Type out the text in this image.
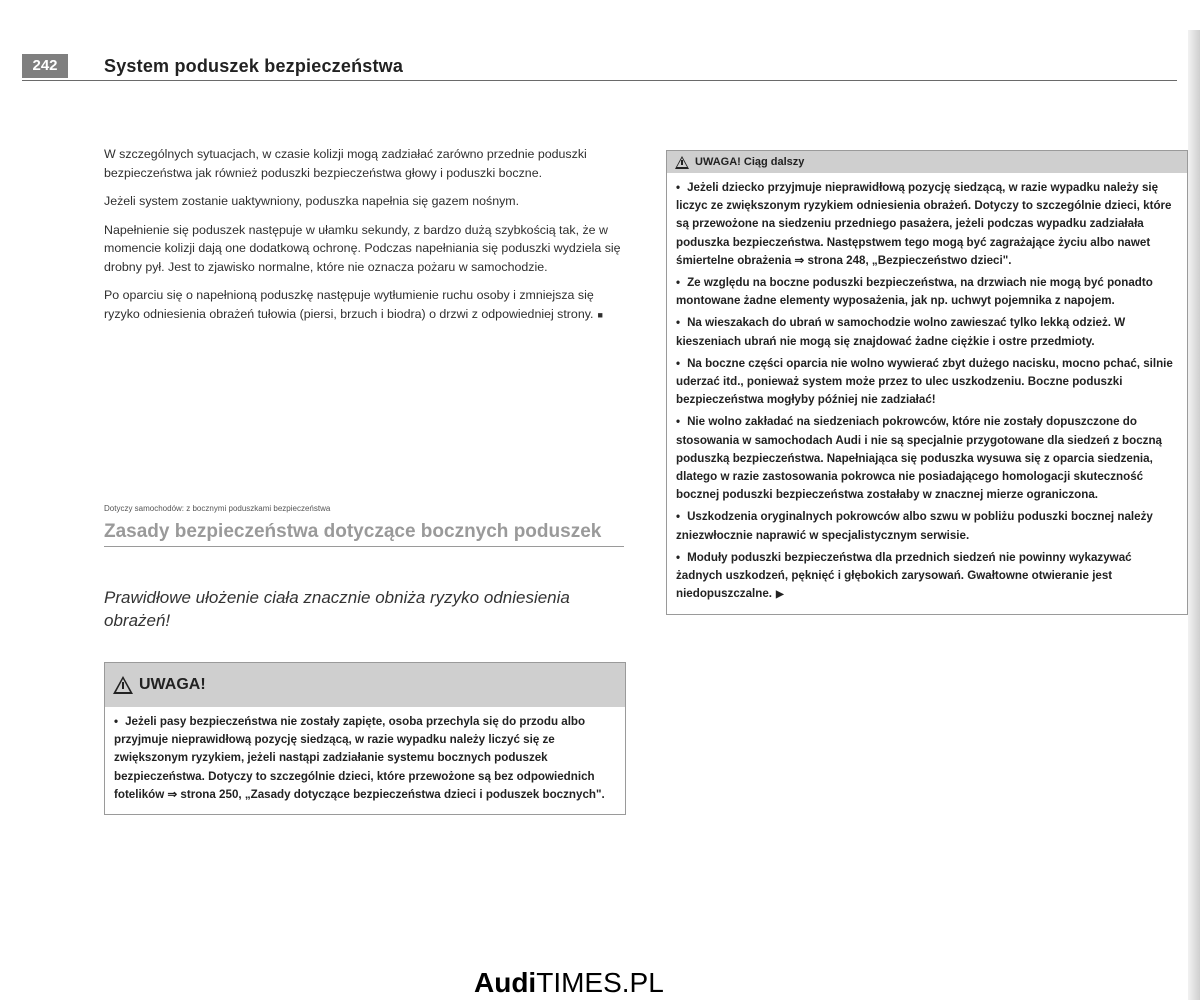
242	System poduszek bezpieczeństwa

W szczególnych sytuacjach, w czasie kolizji mogą zadziałać zarówno przednie poduszki bezpieczeństwa jak również poduszki bezpieczeństwa głowy i poduszki boczne.

Jeżeli system zostanie uaktywniony, poduszka napełnia się gazem nośnym.

Napełnienie się poduszek następuje w ułamku sekundy, z bardzo dużą szybkością tak, że w momencie kolizji dają one dodatkową ochronę. Podczas napełniania się poduszki wydziela się drobny pył. Jest to zjawisko normalne, które nie oznacza pożaru w samochodzie.

Po oparciu się o napełnioną poduszkę następuje wytłumienie ruchu osoby i zmniejsza się ryzyko odniesienia obrażeń tułowia (piersi, brzuch i biodra) o drzwi z odpowiedniej strony. ■

Dotyczy samochodów: z bocznymi poduszkami bezpieczeństwa
Zasady bezpieczeństwa dotyczące bocznych poduszek
Prawidłowe ułożenie ciała znacznie obniża ryzyko odniesienia obrażeń!
UWAGA!
• Jeżeli pasy bezpieczeństwa nie zostały zapięte, osoba przechyla się do przodu albo przyjmuje nieprawidłową pozycję siedzącą, w razie wypadku należy liczyć się ze zwiększonym ryzykiem, jeżeli nastąpi zadziałanie systemu bocznych poduszek bezpieczeństwa. Dotyczy to szczególnie dzieci, które przewożone są bez odpowiednich fotelików ⇒ strona 250, „Zasady dotyczące bezpieczeństwa dzieci i poduszek bocznych".
UWAGA! Ciąg dalszy
• Jeżeli dziecko przyjmuje nieprawidłową pozycję siedzącą, w razie wypadku należy się liczyc ze zwiększonym ryzykiem odniesienia obrażeń. Dotyczy to szczególnie dzieci, które są przewożone na siedzeniu przedniego pasażera, jeżeli podczas wypadku zadziałała poduszka bezpieczeństwa. Następstwem tego mogą być zagrażające życiu albo nawet śmiertelne obrażenia ⇒ strona 248, „Bezpieczeństwo dzieci".
• Ze względu na boczne poduszki bezpieczeństwa, na drzwiach nie mogą być ponadto montowane żadne elementy wyposażenia, jak np. uchwyt pojemnika z napojem.
• Na wieszakach do ubrań w samochodzie wolno zawieszać tylko lekką odzież. W kieszeniach ubrań nie mogą się znajdować żadne ciężkie i ostre przedmioty.
• Na boczne części oparcia nie wolno wywierać zbyt dużego nacisku, mocno pchać, silnie uderzać itd., ponieważ system może przez to ulec uszkodzeniu. Boczne poduszki bezpieczeństwa mogłyby później nie zadziałać!
• Nie wolno zakładać na siedzeniach pokrowców, które nie zostały dopuszczone do stosowania w samochodach Audi i nie są specjalnie przygotowane dla siedzeń z boczną poduszką bezpieczeństwa. Napełniająca się poduszka wysuwa się z oparcia siedzenia, dlatego w razie zastosowania pokrowca nie posiadającego homologacji skuteczność bocznej poduszki bezpieczeństwa zostałaby w znacznej mierze ograniczona.
• Uszkodzenia oryginalnych pokrowców albo szwu w pobliżu poduszki bocznej należy zniezwłocznie naprawić w specjalistycznym serwisie.
• Moduły poduszki bezpieczeństwa dla przednich siedzeń nie powinny wykazywać żadnych uszkodzeń, pęknięć i głębokich zarysowań. Gwałtowne otwieranie jest niedopuszczalne. ▶
AudiTIMES.PL
